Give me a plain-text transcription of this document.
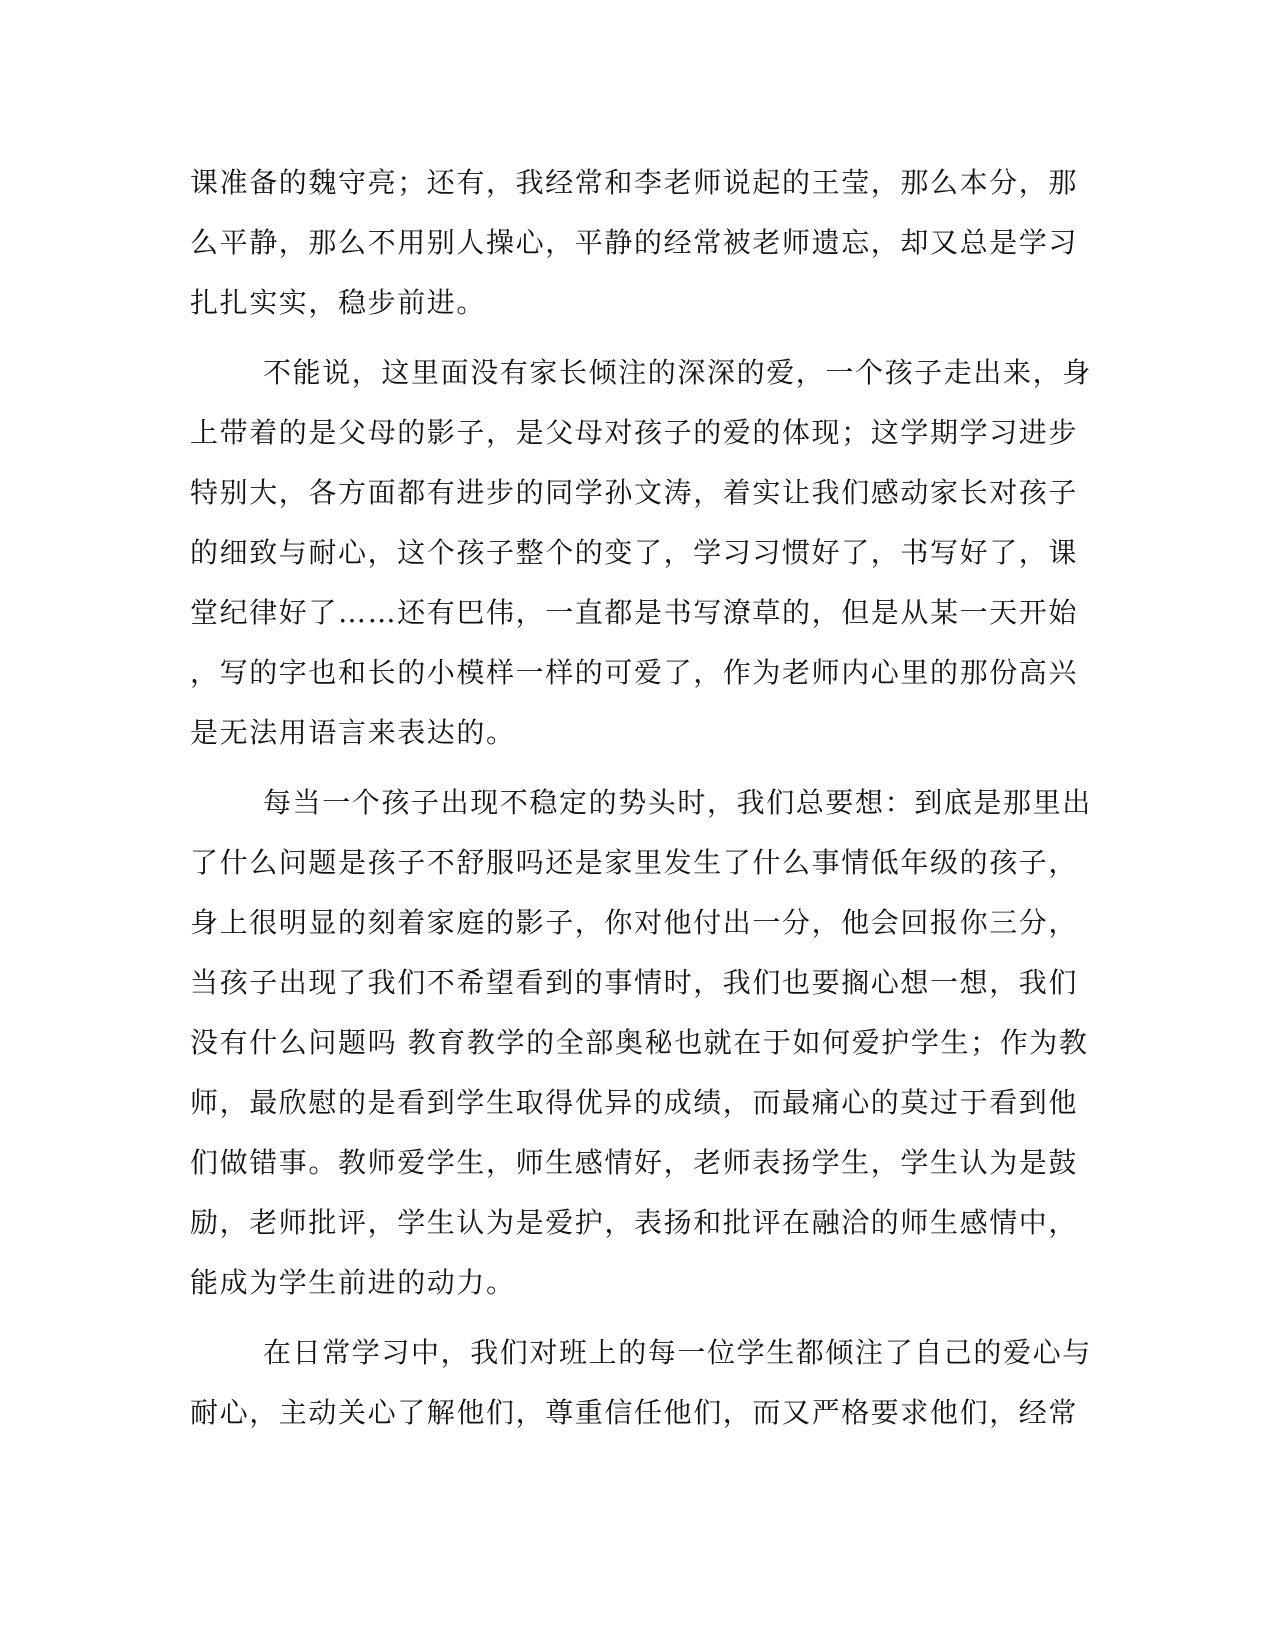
课准备的魏守亮；还有，我经常和李老师说起的王莹，那么本分，那
么平静，那么不用别人操心，平静的经常被老师遗忘，却又总是学习
扎扎实实，稳步前进。
不能说，这里面没有家长倾注的深深的爱，一个孩子走出来，身
上带着的是父母的影子，是父母对孩子的爱的体现；这学期学习进步
特别大，各方面都有进步的同学孙文涛，着实让我们感动家长对孩子
的细致与耐心，这个孩子整个的变了，学习习惯好了，书写好了，课
堂纪律好了……还有巴伟，一直都是书写潦草的，但是从某一天开始
，写的字也和长的小模样一样的可爱了，作为老师内心里的那份高兴
是无法用语言来表达的。
每当一个孩子出现不稳定的势头时，我们总要想：到底是那里出
了什么问题是孩子不舒服吗还是家里发生了什么事情低年级的孩子，
身上很明显的刻着家庭的影子，你对他付出一分，他会回报你三分，
当孩子出现了我们不希望看到的事情时，我们也要搁心想一想，我们
没有什么问题吗 教育教学的全部奥秘也就在于如何爱护学生；作为教
师，最欣慰的是看到学生取得优异的成绩，而最痛心的莫过于看到他
们做错事。教师爱学生，师生感情好，老师表扬学生，学生认为是鼓
励，老师批评，学生认为是爱护，表扬和批评在融洽的师生感情中，
能成为学生前进的动力。
在日常学习中，我们对班上的每一位学生都倾注了自己的爱心与
耐心，主动关心了解他们，尊重信任他们，而又严格要求他们，经常
